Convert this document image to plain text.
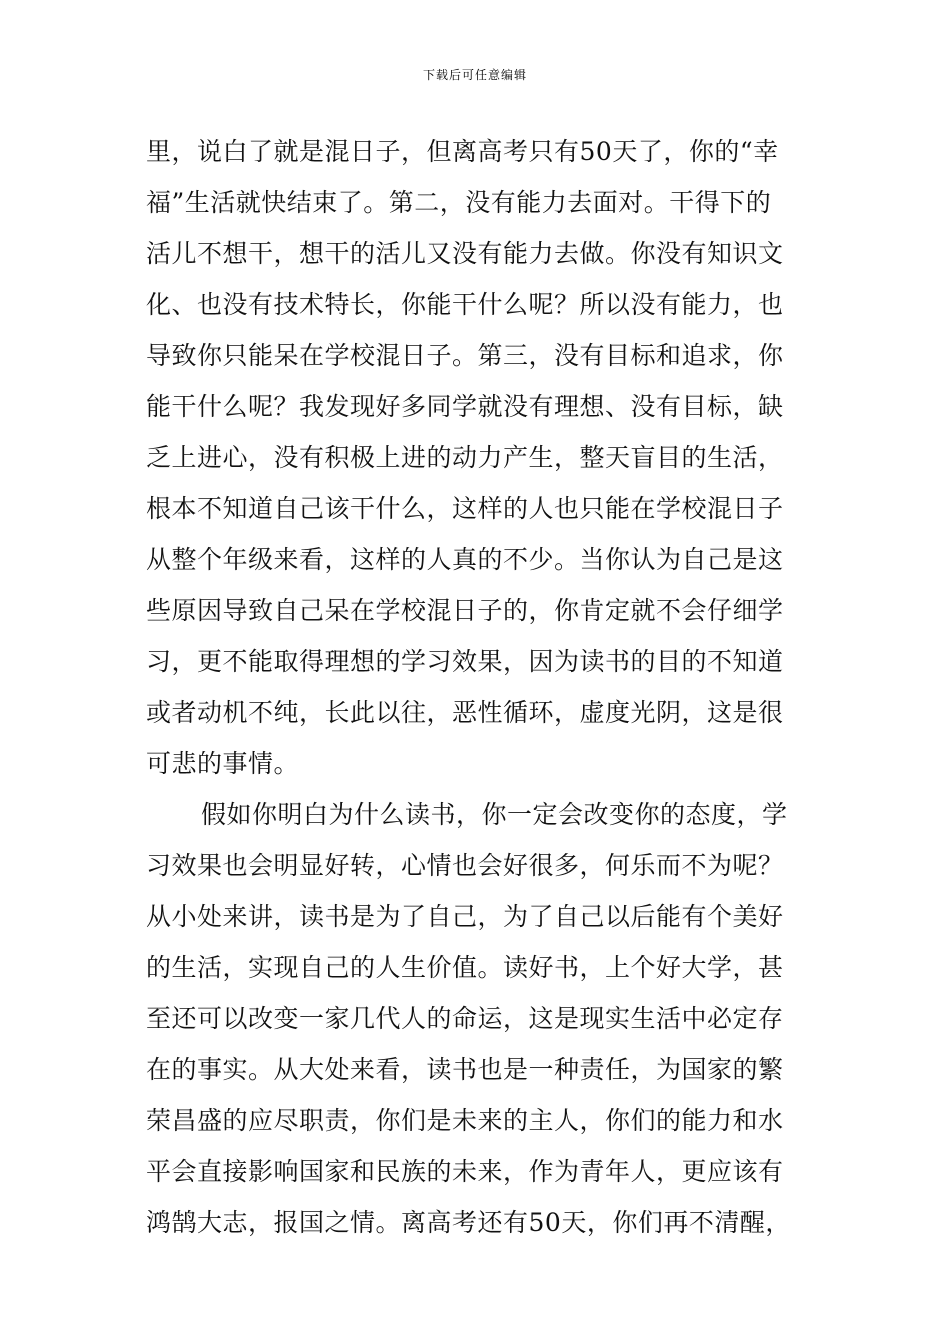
下载后可任意编辑
里，说白了就是混日子，但离高考只有50天了，你的“幸
福”生活就快结束了。第二，没有能力去面对。干得下的
活儿不想干，想干的活儿又没有能力去做。你没有知识文
化、也没有技术特长，你能干什么呢？所以没有能力，也
导致你只能呆在学校混日子。第三，没有目标和追求，你
能干什么呢？我发现好多同学就没有理想、没有目标，缺
乏上进心，没有积极上进的动力产生，整天盲目的生活，
根本不知道自己该干什么，这样的人也只能在学校混日子
从整个年级来看，这样的人真的不少。当你认为自己是这
些原因导致自己呆在学校混日子的，你肯定就不会仔细学
习，更不能取得理想的学习效果，因为读书的目的不知道
或者动机不纯，长此以往，恶性循环，虚度光阴，这是很
可悲的事情。
假如你明白为什么读书，你一定会改变你的态度，学
习效果也会明显好转，心情也会好很多，何乐而不为呢？
从小处来讲，读书是为了自己，为了自己以后能有个美好
的生活，实现自己的人生价值。读好书，上个好大学，甚
至还可以改变一家几代人的命运，这是现实生活中必定存
在的事实。从大处来看，读书也是一种责任，为国家的繁
荣昌盛的应尽职责，你们是未来的主人，你们的能力和水
平会直接影响国家和民族的未来，作为青年人，更应该有
鸿鹄大志，报国之情。离高考还有50天，你们再不清醒，
